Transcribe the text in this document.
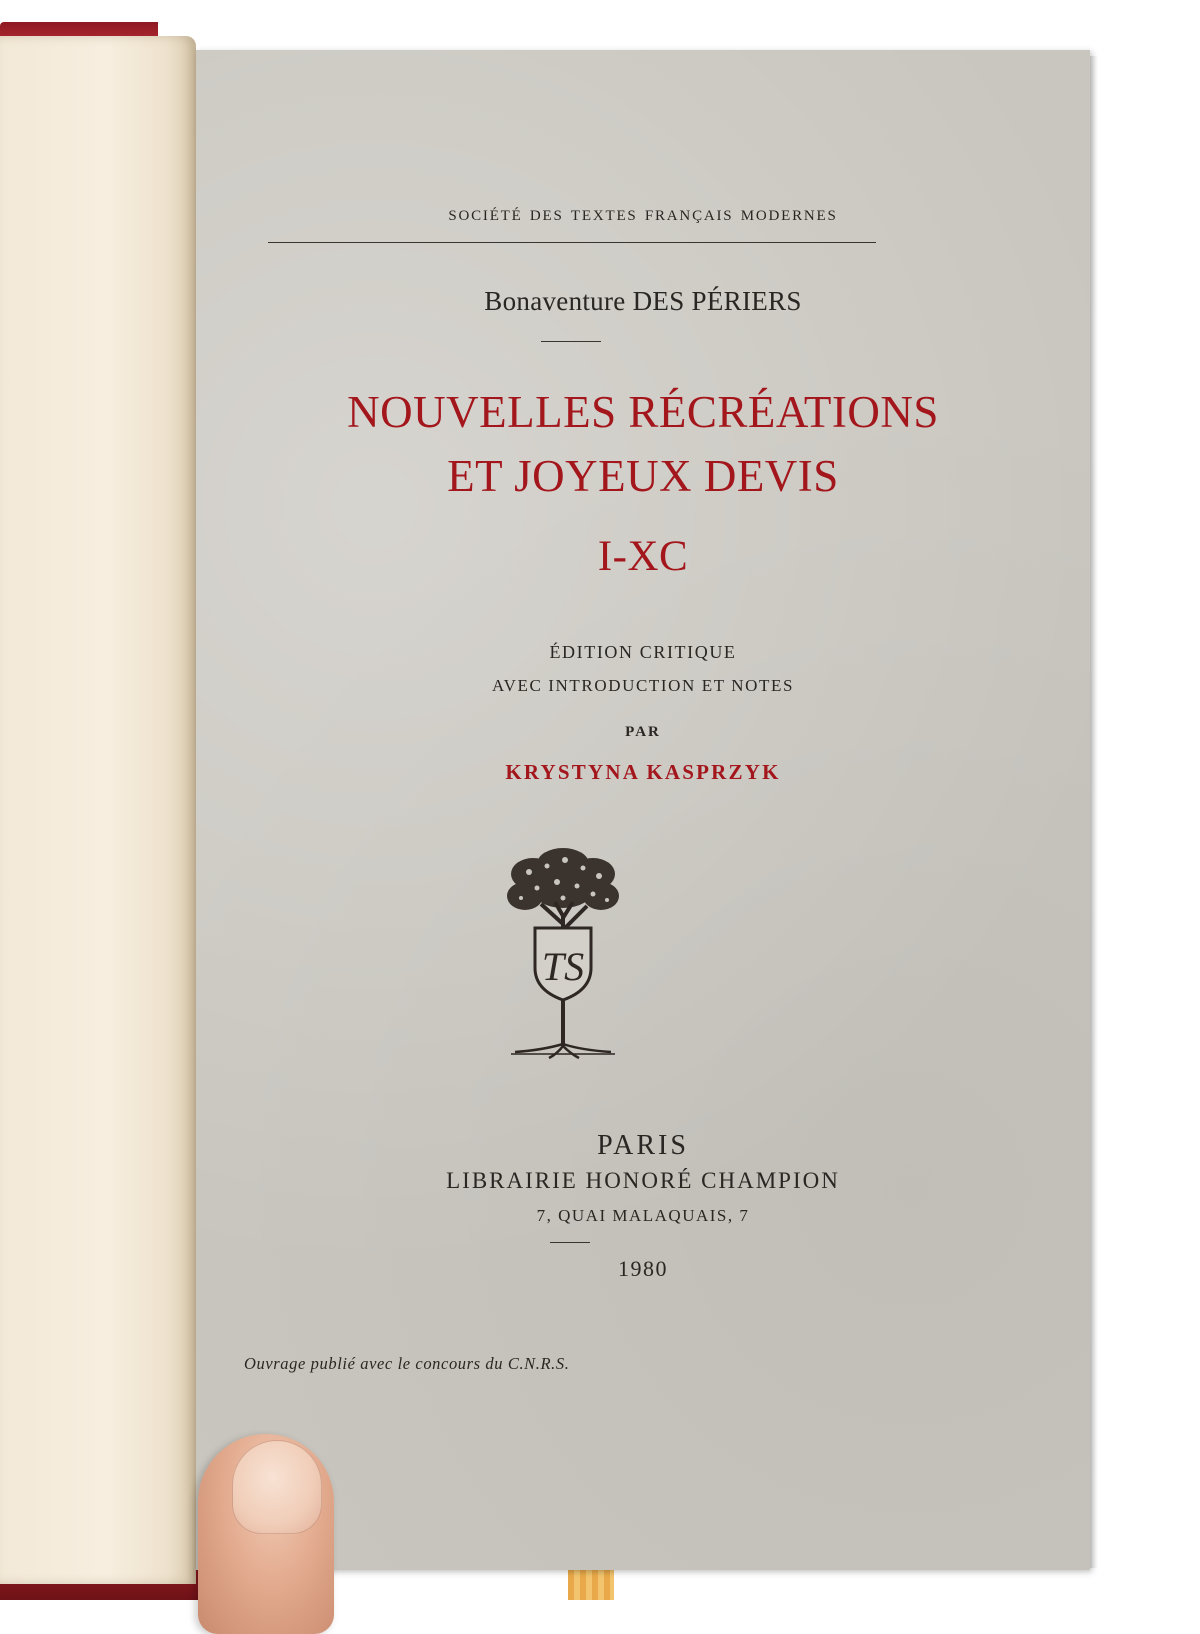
société des textes français modernes
Bonaventure DES PÉRIERS
NOUVELLES RÉCRÉATIONS
ET JOYEUX DEVIS
I-XC
ÉDITION CRITIQUE
AVEC INTRODUCTION ET NOTES
PAR
KRYSTYNA KASPRZYK
TS
PARIS
LIBRAIRIE HONORÉ CHAMPION
7, QUAI MALAQUAIS, 7
1980
Ouvrage publié avec le concours du C.N.R.S.
